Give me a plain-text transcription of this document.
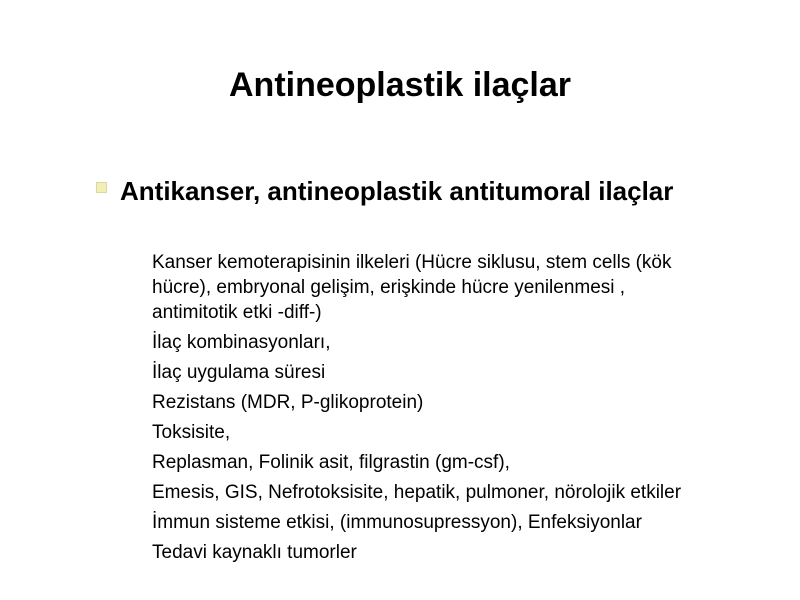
Antineoplastik ilaçlar
Antikanser, antineoplastik antitumoral ilaçlar
Kanser kemoterapisinin ilkeleri (Hücre siklusu, stem cells (kök hücre), embryonal gelişim, erişkinde hücre yenilenmesi , antimitotik etki -diff-)
İlaç kombinasyonları,
İlaç uygulama süresi
Rezistans (MDR, P-glikoprotein)
Toksisite,
Replasman, Folinik asit, filgrastin (gm-csf),
Emesis, GIS, Nefrotoksisite, hepatik, pulmoner, nörolojik etkiler
İmmun sisteme etkisi, (immunosupressyon), Enfeksiyonlar
Tedavi kaynaklı tumorler
